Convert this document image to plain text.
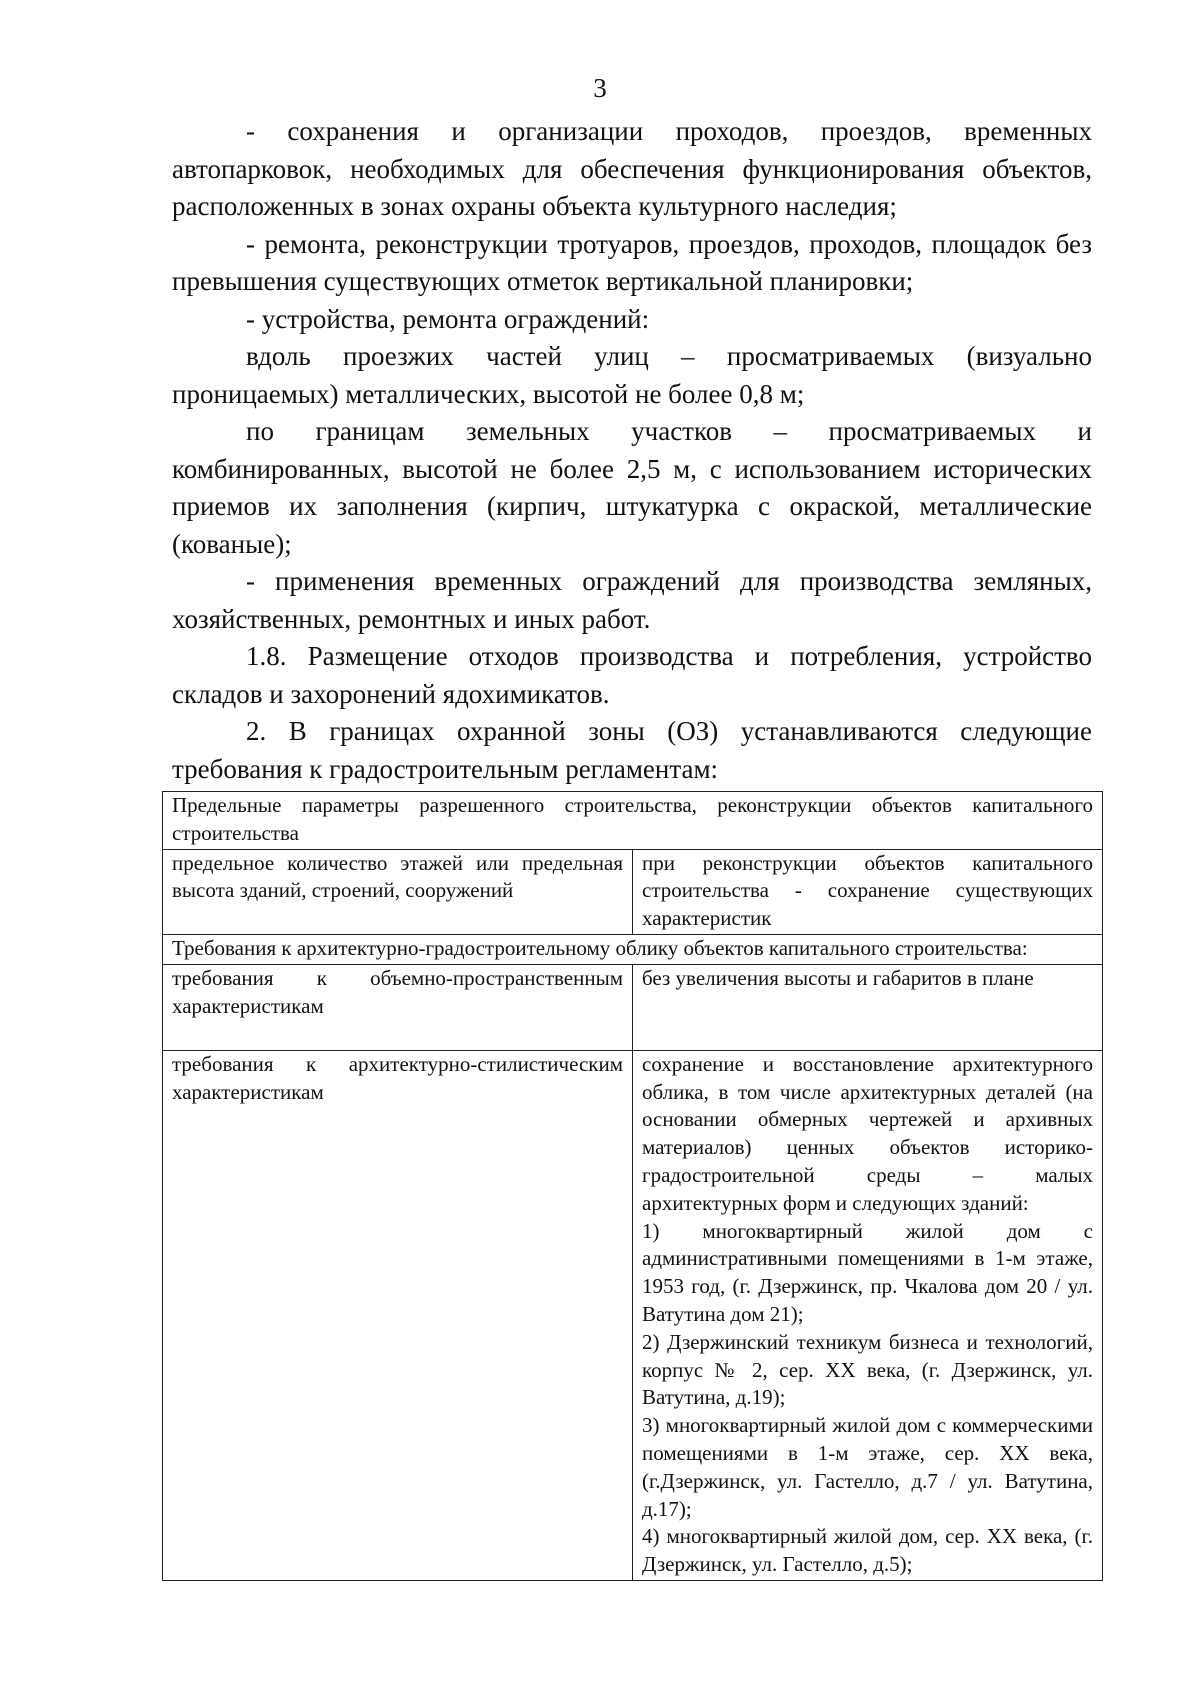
3

- сохранения и организации проходов, проездов, временных автопарковок, необходимых для обеспечения функционирования объектов, расположенных в зонах охраны объекта культурного наследия;

- ремонта, реконструкции тротуаров, проездов, проходов, площадок без превышения существующих отметок вертикальной планировки;

- устройства, ремонта ограждений:

вдоль проезжих частей улиц – просматриваемых (визуально проницаемых) металлических, высотой не более 0,8 м;

по границам земельных участков – просматриваемых и комбинированных, высотой не более 2,5 м, с использованием исторических приемов их заполнения (кирпич, штукатурка с окраской, металлические (кованые);

- применения временных ограждений для производства земляных, хозяйственных, ремонтных и иных работ.

1.8. Размещение отходов производства и потребления, устройство складов и захоронений ядохимикатов.

2. В границах охранной зоны (ОЗ) устанавливаются следующие требования к градостроительным регламентам:

Предельные параметры разрешенного строительства, реконструкции объектов капитального строительства	
предельное количество этажей или предельная высота зданий, строений, сооружений	при реконструкции объектов капитального строительства - сохранение существующих характеристик
Требования к архитектурно-градостроительному облику объектов капитального строительства:	
требования к объемно-пространственным характеристикам	без увеличения высоты и габаритов в плане
требования к архитектурно-стилистическим характеристикам	сохранение и восстановление архитектурного облика, в том числе архитектурных деталей (на основании обмерных чертежей и архивных материалов) ценных объектов историко-градостроительной среды – малых архитектурных форм и следующих зданий:
1) многоквартирный жилой дом с административными помещениями в 1-м этаже, 1953 год, (г. Дзержинск, пр. Чкалова дом 20 / ул. Ватутина дом 21);
2) Дзержинский техникум бизнеса и технологий, корпус № 2, сер. XX века, (г. Дзержинск, ул. Ватутина, д.19);
3) многоквартирный жилой дом с коммерческими помещениями в 1-м этаже, сер. XX века, (г.Дзержинск, ул. Гастелло, д.7 / ул. Ватутина, д.17);
4) многоквартирный жилой дом, сер. XX века, (г. Дзержинск, ул. Гастелло, д.5);
